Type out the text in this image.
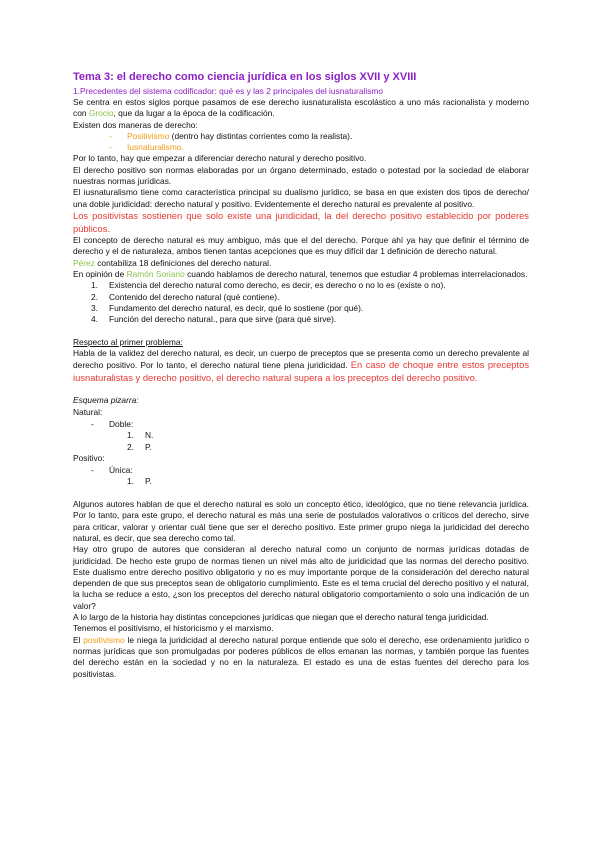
Tema 3: el derecho como ciencia jurídica en los siglos XVII y XVIII
1.Precedentes del sistema codificador: qué es y las 2 principales del iusnaturalismo

Se centra en estos siglos porque pasamos de ese derecho iusnaturalista escolástico a uno más racionalista y moderno con Grocio, que da lugar a la época de la codificación.

Existen dos maneras de derecho:

- Positivismo (dentro hay distintas corrientes como la realista).
- Iusnaturalismo.

Por lo tanto, hay que empezar a diferenciar derecho natural y derecho positivo.

El derecho positivo son normas elaboradas por un órgano determinado, estado o potestad por la sociedad de elaborar nuestras normas jurídicas.

El iusnaturalismo tiene como característica principal su dualismo jurídico, se basa en que existen dos tipos de derecho/ una doble juridicidad: derecho natural y positivo. Evidentemente el derecho natural es prevalente al positivo.

Los positivistas sostienen que solo existe una juridicidad, la del derecho positivo establecido por poderes públicos.

El concepto de derecho natural es muy ambiguo, más que el del derecho. Porque ahí ya hay que definir el término de derecho y el de naturaleza, ambos tienen tantas acepciones que es muy difícil dar 1 definición de derecho natural.

Pérez contabiliza 18 definiciones del derecho natural.

En opinión de Ramón Soriano cuando hablamos de derecho natural, tenemos que estudiar 4 problemas interrelacionados.

1. Existencia del derecho natural como derecho, es decir, es derecho o no lo es (existe o no).
2. Contenido del derecho natural (qué contiene).
3. Fundamento del derecho natural, es decir, qué lo sostiene (por qué).
4. Función del derecho natural., para que sirve (para qué sirve).

Respecto al primer problema:

Habla de la validez del derecho natural, es decir, un cuerpo de preceptos que se presenta como un derecho prevalente al derecho positivo. Por lo tanto, el derecho natural tiene plena juridicidad. En caso de choque entre estos preceptos iusnaturalistas y derecho positivo, el derecho natural supera a los preceptos del derecho positivo.

Esquema pizarra:
Natural:
- Doble:
1. N.
2. P.
Positivo:
- Única:
1. P.

Algunos autores hablan de que el derecho natural es solo un concepto ético, ideológico, que no tiene relevancia jurídica. Por lo tanto, para este grupo, el derecho natural es más una serie de postulados valorativos o críticos del derecho, sirve para criticar, valorar y orientar cuál tiene que ser el derecho positivo. Este primer grupo niega la juridicidad del derecho natural, es decir, que sea derecho como tal.

Hay otro grupo de autores que consideran al derecho natural como un conjunto de normas jurídicas dotadas de juridicidad. De hecho este grupo de normas tienen un nivel más alto de juridicidad que las normas del derecho positivo. Este dualismo entre derecho positivo obligatorio y no es muy importante porque de la consideración del derecho natural dependen de que sus preceptos sean de obligatorio cumplimiento. Este es el tema crucial del derecho positivo y el natural, la lucha se reduce a esto, ¿son los preceptos del derecho natural obligatorio comportamiento o solo una indicación de un valor?

A lo largo de la historia hay distintas concepciones jurídicas que niegan que el derecho natural tenga juridicidad.

Tenemos el positivismo, el historicismo y el marxismo.

El positivismo le niega la juridicidad al derecho natural porque entiende que solo el derecho, ese ordenamiento jurídico o normas jurídicas que son promulgadas por poderes públicos de ellos emanan las normas, y también porque las fuentes del derecho están en la sociedad y no en la naturaleza. El estado es una de estas fuentes del derecho para los positivistas.
